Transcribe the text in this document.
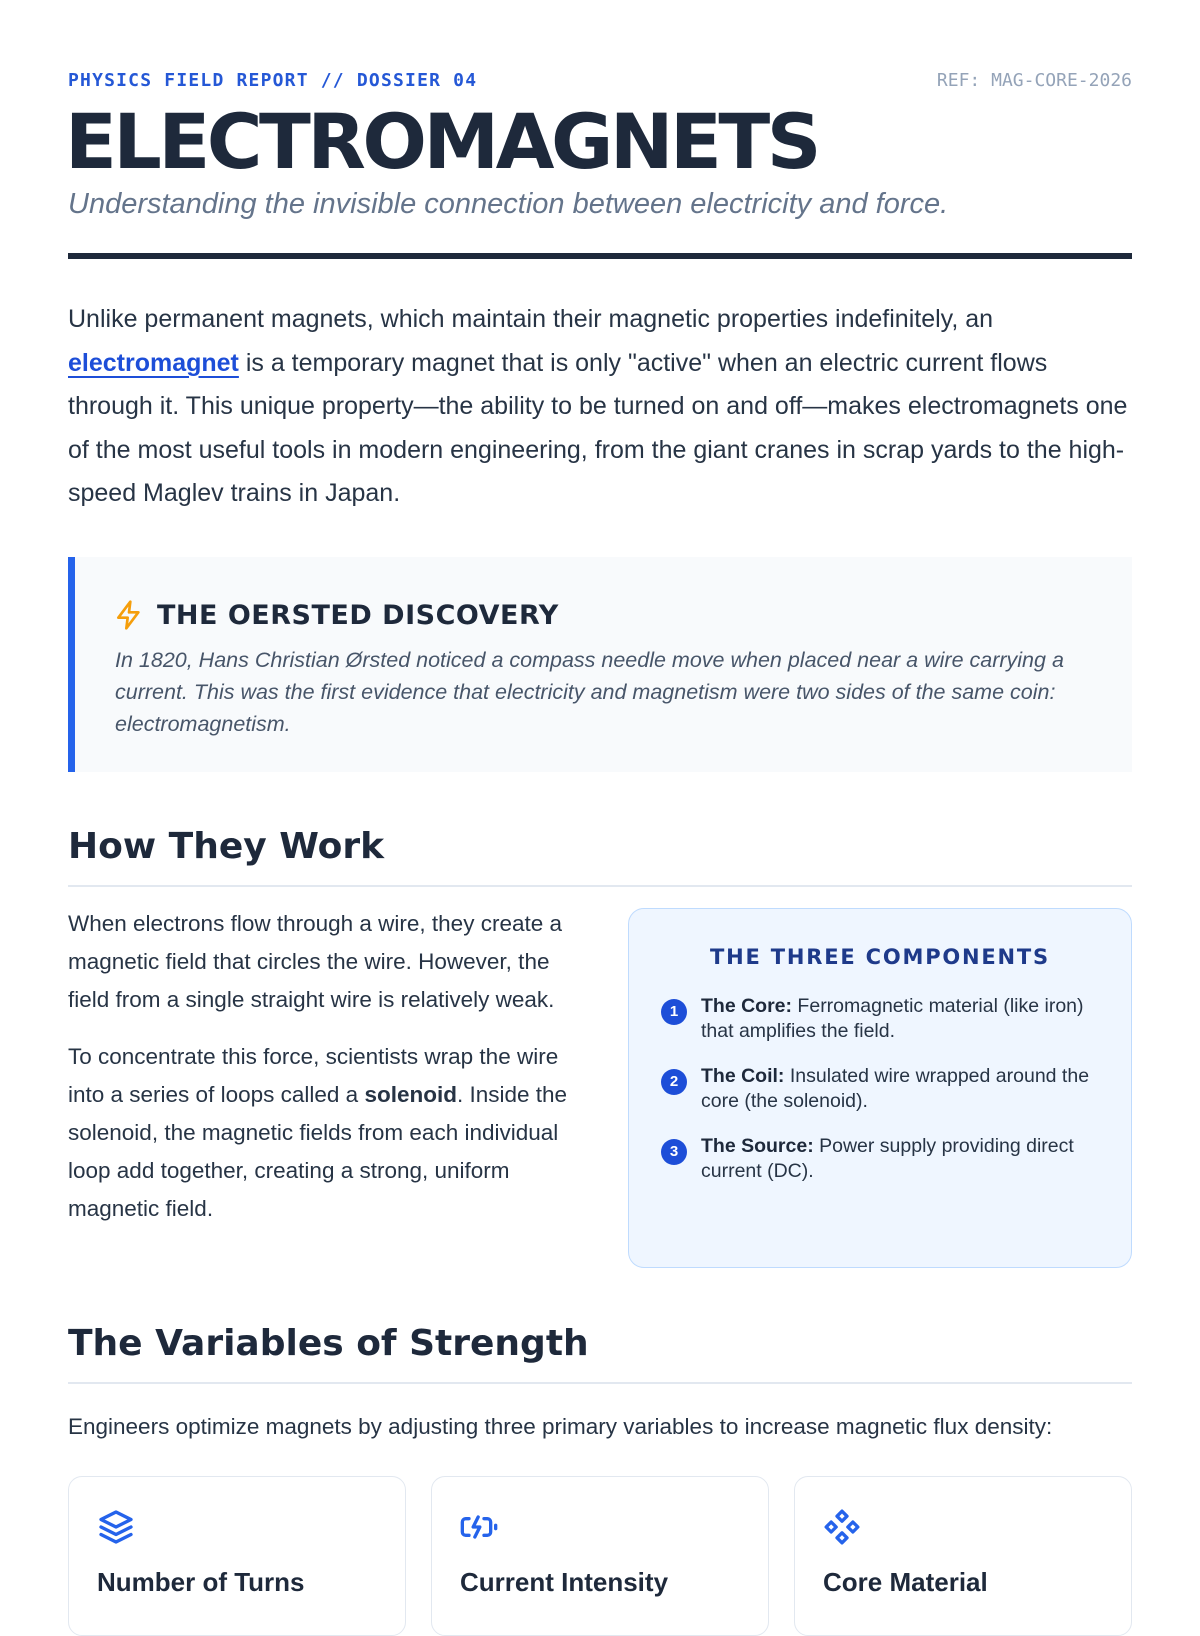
PHYSICS FIELD REPORT // DOSSIER 04	REF: MAG-CORE-2026
ELECTROMAGNETS
Understanding the invisible connection between electricity and force.

Unlike permanent magnets, which maintain their magnetic properties indefinitely, an electromagnet is a temporary magnet that is only "active" when an electric current flows through it. This unique property—the ability to be turned on and off—makes electromagnets one of the most useful tools in modern engineering, from the giant cranes in scrap yards to the high-speed Maglev trains in Japan.

THE OERSTED DISCOVERY
In 1820, Hans Christian Ørsted noticed a compass needle move when placed near a wire carrying a current. This was the first evidence that electricity and magnetism were two sides of the same coin: electromagnetism.
How They Work

When electrons flow through a wire, they create a magnetic field that circles the wire. However, the field from a single straight wire is relatively weak.

To concentrate this force, scientists wrap the wire into a series of loops called a solenoid. Inside the solenoid, the magnetic fields from each individual loop add together, creating a strong, uniform magnetic field.

THE THREE COMPONENTS
1	The Core: Ferromagnetic material (like iron) that amplifies the field.
2	The Coil: Insulated wire wrapped around the core (the solenoid).
3	The Source: Power supply providing direct current (DC).
The Variables of Strength
Engineers optimize magnets by adjusting three primary variables to increase magnetic flux density:
Number of Turns	Current Intensity	Core Material
